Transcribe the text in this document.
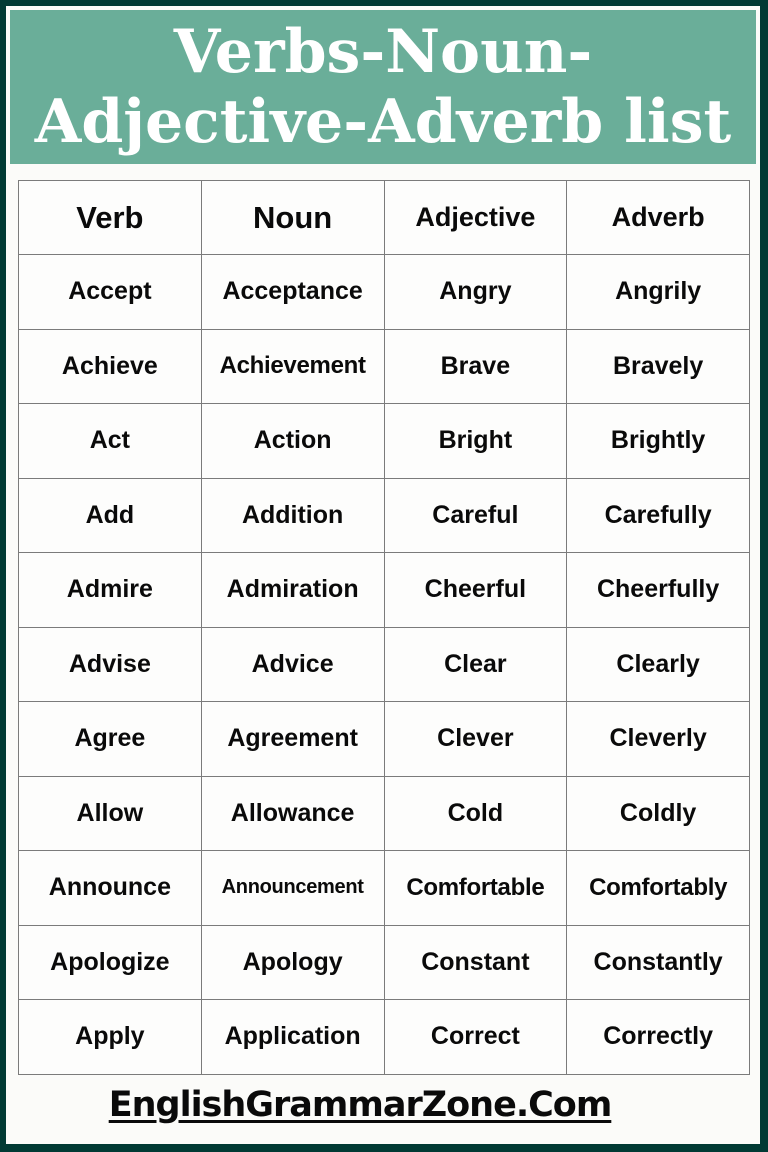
Verbs-Noun-
Adjective-Adverb list
Verb	Noun	Adjective	Adverb
Accept	Acceptance	Angry	Angrily
Achieve	Achievement	Brave	Bravely
Act	Action	Bright	Brightly
Add	Addition	Careful	Carefully
Admire	Admiration	Cheerful	Cheerfully
Advise	Advice	Clear	Clearly
Agree	Agreement	Clever	Cleverly
Allow	Allowance	Cold	Coldly
Announce	Announcement	Comfortable	Comfortably
Apologize	Apology	Constant	Constantly
Apply	Application	Correct	Correctly
EnglishGrammarZone.Com
